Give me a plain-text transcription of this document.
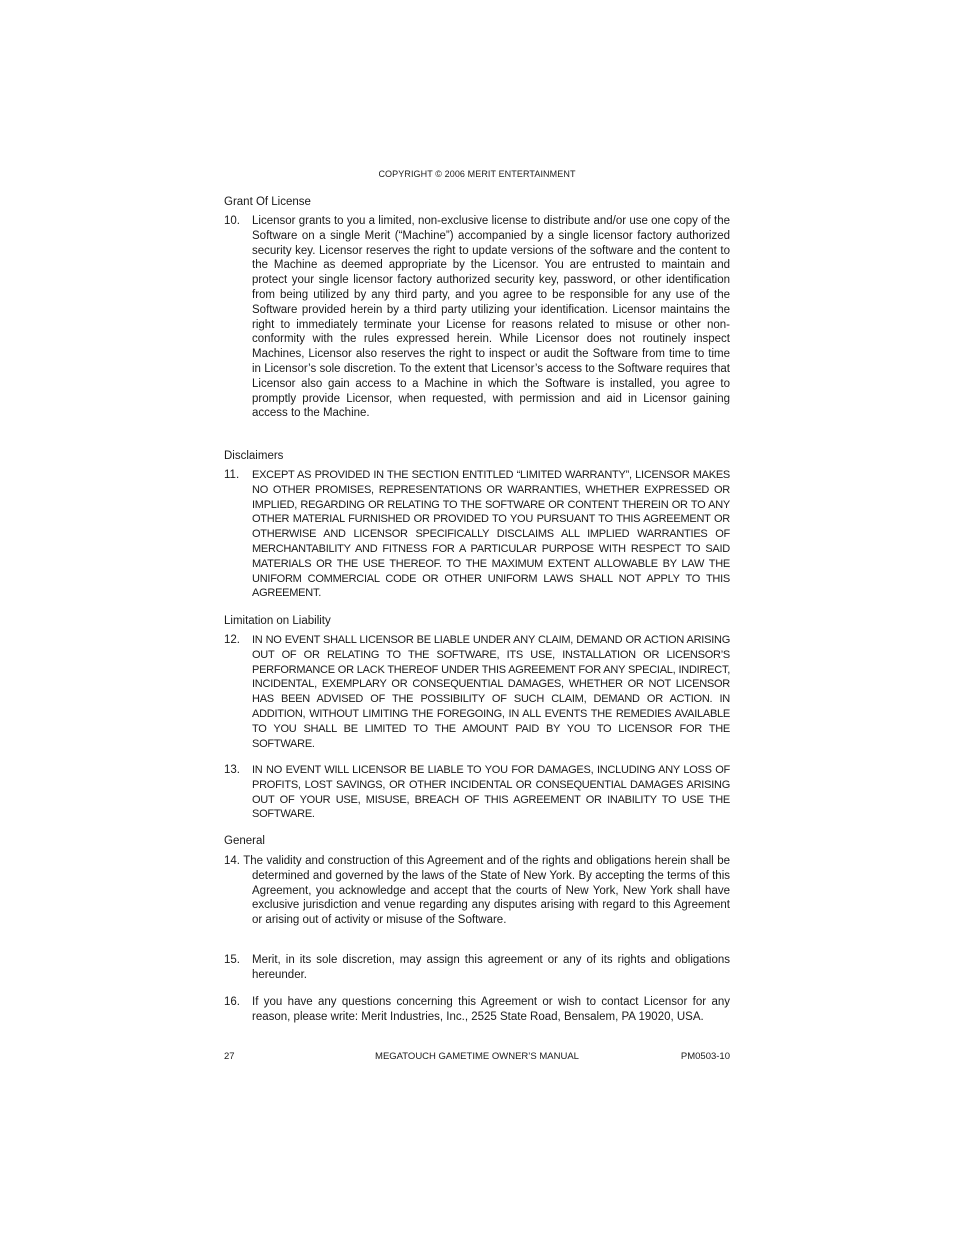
COPYRIGHT © 2006 MERIT ENTERTAINMENT
Grant Of License
10. Licensor grants to you a limited, non-exclusive license to distribute and/or use one copy of the Software on a single Merit (“Machine”) accompanied by a single licensor factory authorized security key. Licensor reserves the right to update versions of the software and the content to the Machine as deemed appropriate by the Licensor. You are entrusted to maintain and protect your single licensor factory authorized security key, password, or other identification from being utilized by any third party, and you agree to be responsible for any use of the Software provided herein by a third party utilizing your identification. Licensor maintains the right to immediately terminate your License for reasons related to misuse or other non-conformity with the rules expressed herein. While Licensor does not routinely inspect Machines, Licensor also reserves the right to inspect or audit the Software from time to time in Licensor’s sole discretion. To the extent that Licensor’s access to the Software requires that Licensor also gain access to a Machine in which the Software is installed, you agree to promptly provide Licensor, when requested, with permission and aid in Licensor gaining access to the Machine.
Disclaimers
11. EXCEPT AS PROVIDED IN THE SECTION ENTITLED “LIMITED WARRANTY”, LICENSOR MAKES NO OTHER PROMISES, REPRESENTATIONS OR WARRANTIES, WHETHER EXPRESSED OR IMPLIED, REGARDING OR RELATING TO THE SOFTWARE OR CONTENT THEREIN OR TO ANY OTHER MATERIAL FURNISHED OR PROVIDED TO YOU PURSUANT TO THIS AGREEMENT OR OTHERWISE AND LICENSOR SPECIFICALLY DISCLAIMS ALL IMPLIED WARRANTIES OF MERCHANTABILITY AND FITNESS FOR A PARTICULAR PURPOSE WITH RESPECT TO SAID MATERIALS OR THE USE THEREOF. TO THE MAXIMUM EXTENT ALLOWABLE BY LAW THE UNIFORM COMMERCIAL CODE OR OTHER UNIFORM LAWS SHALL NOT APPLY TO THIS AGREEMENT.
Limitation on Liability
12. IN NO EVENT SHALL LICENSOR BE LIABLE UNDER ANY CLAIM, DEMAND OR ACTION ARISING OUT OF OR RELATING TO THE SOFTWARE, ITS USE, INSTALLATION OR LICENSOR’S PERFORMANCE OR LACK THEREOF UNDER THIS AGREEMENT FOR ANY SPECIAL, INDIRECT, INCIDENTAL, EXEMPLARY OR CONSEQUENTIAL DAMAGES, WHETHER OR NOT LICENSOR HAS BEEN ADVISED OF THE POSSIBILITY OF SUCH CLAIM, DEMAND OR ACTION. IN ADDITION, WITHOUT LIMITING THE FOREGOING, IN ALL EVENTS THE REMEDIES AVAILABLE TO YOU SHALL BE LIMITED TO THE AMOUNT PAID BY YOU TO LICENSOR FOR THE SOFTWARE.
13. IN NO EVENT WILL LICENSOR BE LIABLE TO YOU FOR DAMAGES, INCLUDING ANY LOSS OF PROFITS, LOST SAVINGS, OR OTHER INCIDENTAL OR CONSEQUENTIAL DAMAGES ARISING OUT OF YOUR USE, MISUSE, BREACH OF THIS AGREEMENT OR INABILITY TO USE THE SOFTWARE.
General
14. The validity and construction of this Agreement and of the rights and obligations herein shall be determined and governed by the laws of the State of New York. By accepting the terms of this Agreement, you acknowledge and accept that the courts of New York, New York shall have exclusive jurisdiction and venue regarding any disputes arising with regard to this Agreement or arising out of activity or misuse of the Software.
15. Merit, in its sole discretion, may assign this agreement or any of its rights and obligations hereunder.
16. If you have any questions concerning this Agreement or wish to contact Licensor for any reason, please write: Merit Industries, Inc., 2525 State Road, Bensalem, PA 19020, USA.
27	MEGATOUCH GAMETIME OWNER’S MANUAL	PM0503-10
